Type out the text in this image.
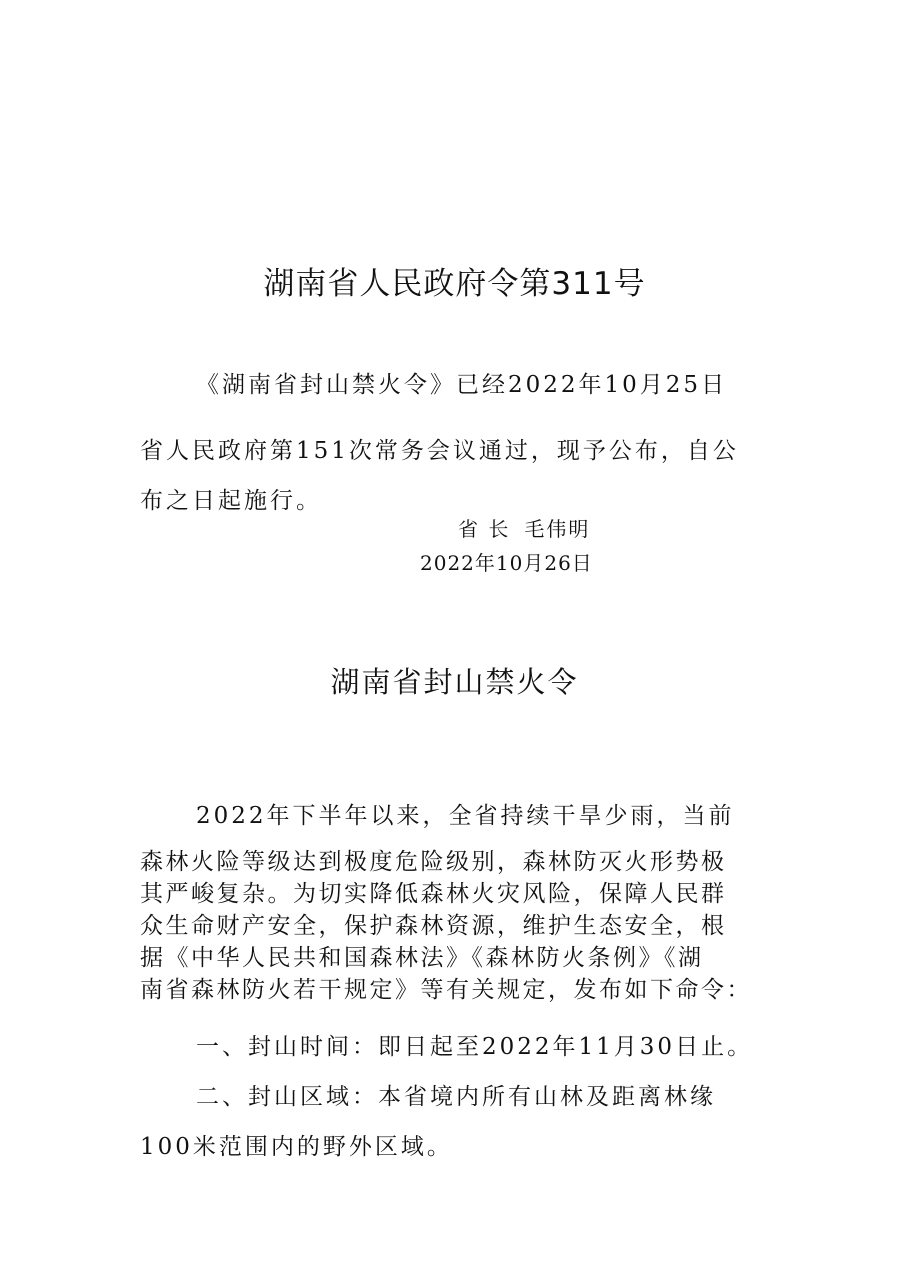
湖南省人民政府令第311号

《湖南省封山禁火令》已经2022年10月25日

省人民政府第151次常务会议通过，现予公布，自公

布之日起施行。

省 长 毛伟明
2022年10月26日
湖南省封山禁火令

2022年下半年以来，全省持续干旱少雨，当前

森林火险等级达到极度危险级别，森林防灭火形势极

其严峻复杂。为切实降低森林火灾风险，保障人民群

众生命财产安全，保护森林资源，维护生态安全，根

据《中华人民共和国森林法》《森林防火条例》《湖

南省森林防火若干规定》等有关规定，发布如下命令：

一、封山时间：即日起至2022年11月30日止。

二、封山区域：本省境内所有山林及距离林缘

100米范围内的野外区域。
